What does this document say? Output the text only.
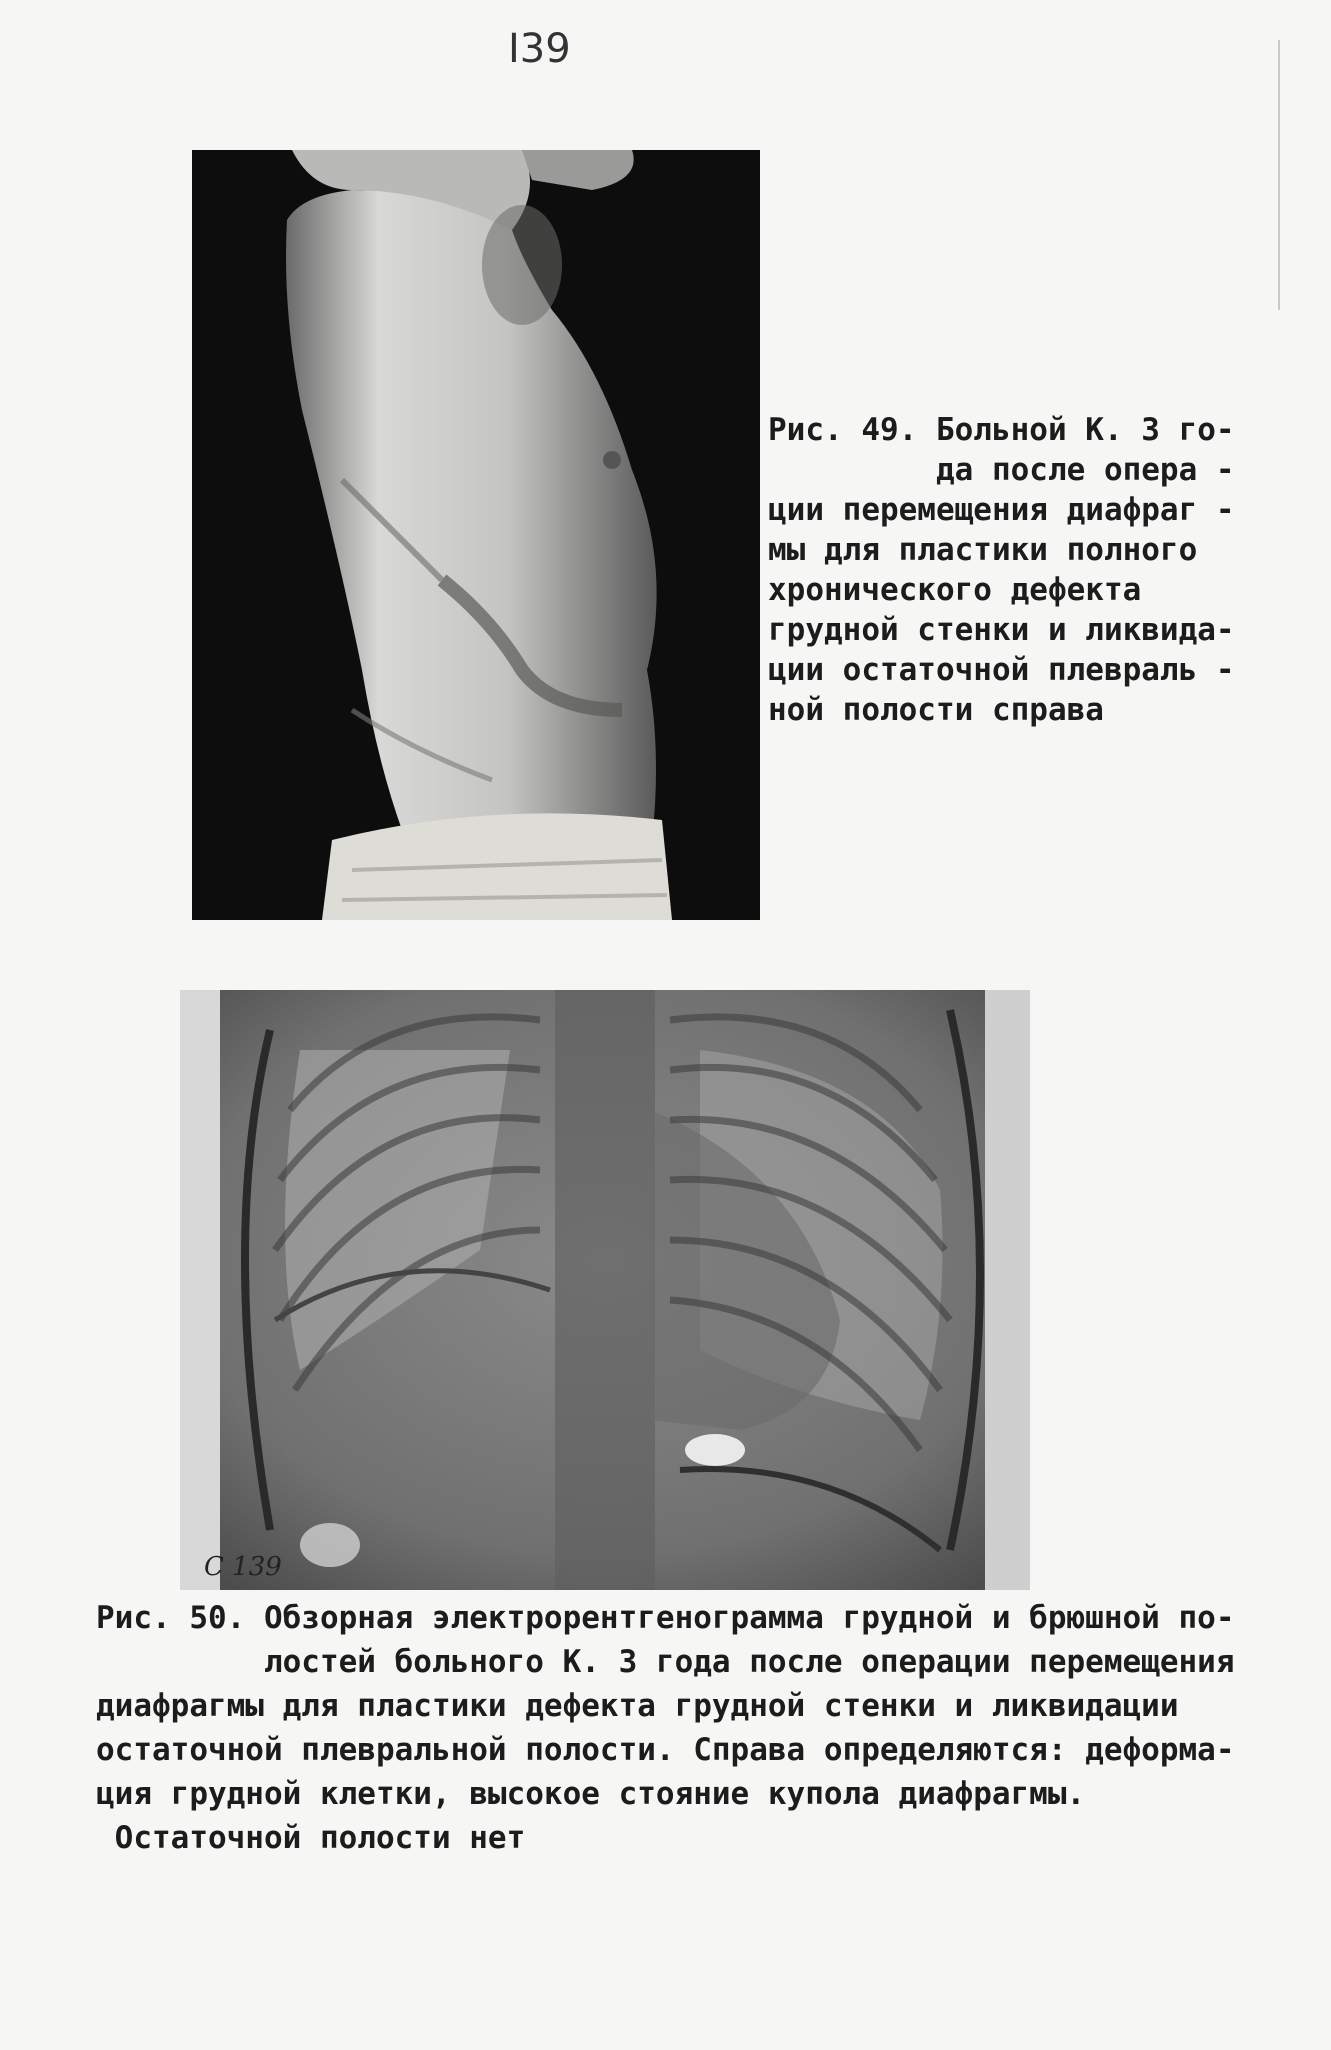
I39
Рис. 49. Больной К. 3 го-
да после опера -
ции перемещения диафраг -
мы для пластики полного
хронического дефекта
грудной стенки и ликвида-
ции остаточной плевраль -
ной полости справа
С 139
Рис. 50. Обзорная электрорентгенограмма грудной и брюшной по-
лостей больного К. 3 года после операции перемещения
диафрагмы для пластики дефекта грудной стенки и ликвидации
остаточной плевральной полости. Справа определяются: деформа-
ция грудной клетки, высокое стояние купола диафрагмы.
Остаточной полости нет
